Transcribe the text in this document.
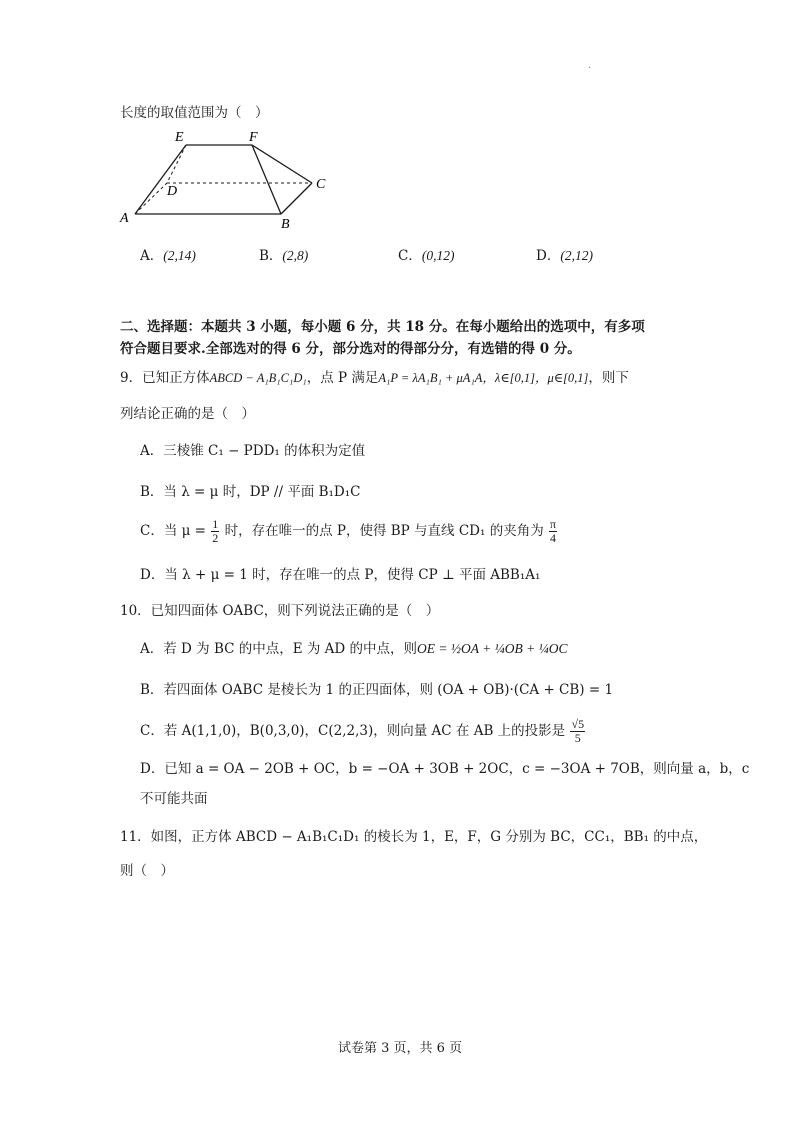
·
长度的取值范围为（　）
E	F
C
D
A	B
A．(2,14)	B．(2,8)	C．(0,12)	D．(2,12)
二、选择题：本题共 3 小题，每小题 6 分，共 18 分。在每小题给出的选项中，有多项
符合题目要求.全部选对的得 6 分，部分选对的得部分分，有选错的得 0 分。
9．已知正方体ABCD − A₁B₁C₁D₁，点 P 满足A₁P = λA₁B₁ + μA₁A，λ∈[0,1]，μ∈[0,1]，则下
列结论正确的是（　）
A．三棱锥 C₁ − PDD₁ 的体积为定值
B．当 λ = μ 时，DP // 平面 B₁D₁C
C．当 $\mu = \frac{1}{2}$ 时，存在唯一的点 P，使得 BP 与直线 CD₁ 的夹角为 $\frac{\pi}{4}$
D．当 λ + μ = 1 时，存在唯一的点 P，使得 CP ⊥ 平面 ABB₁A₁
10．已知四面体 OABC，则下列说法正确的是（　）
A．若 D 为 BC 的中点，E 为 AD 的中点，则OE = ½OA + ¼OB + ¼OC
B．若四面体 OABC 是棱长为 1 的正四面体，则 (OA + OB)·(CA + CB) = 1
C．若 A(1,1,0)，B(0,3,0)，C(2,2,3)，则向量 AC 在 AB 上的投影是 $\frac{√5}{5}$
D．已知 a = OA − 2OB + OC，b = −OA + 3OB + 2OC，c = −3OA + 7OB，则向量 a，b，c
不可能共面
11．如图，正方体 ABCD − A₁B₁C₁D₁ 的棱长为 1，E，F，G 分别为 BC，CC₁，BB₁ 的中点，
则（　）
试卷第 3 页，共 6 页
